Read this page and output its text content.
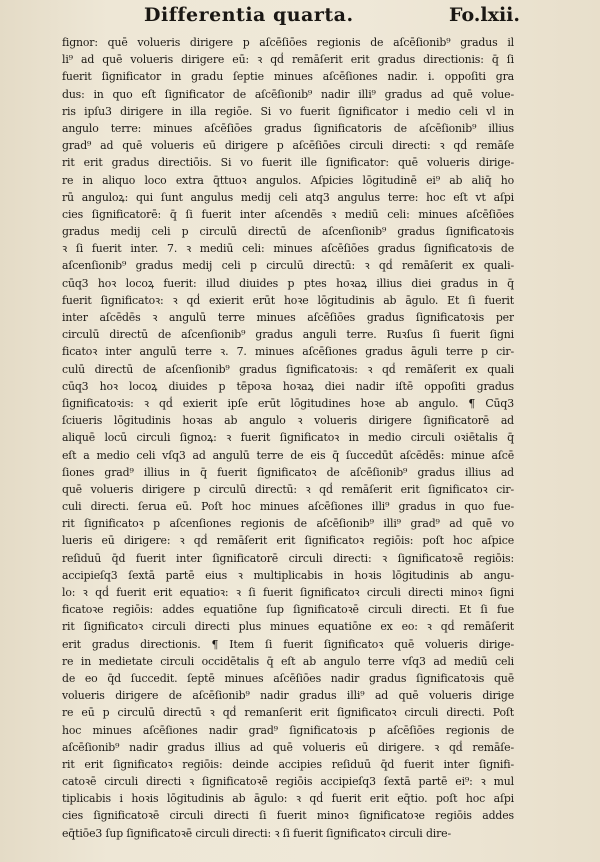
Differentia quarta.	Fo.lxii.
fignor: quē volueris dirigere p aſcēſiōes regionis de aſcēſionib⁹ gradus il
li⁹ ad quē volueris dirigere eū: ꝛ qḋ remāſerit erit gradus directionis: q̄ ſi
fuerit ſignificator in gradu ſeptie minues aſcēſiones nadir. i. oppoſiti gra
dus: in quo eſt ſignificator de aſcēſionib⁹ nadir illi⁹ gradus ad quē volue-
ris ipſu3 dirigere in illa regiōe. Si vo fuerit ſignificator i medio celi vl in
angulo terre: minues aſcēſiōes gradus ſignificatoris de aſcēſionib⁹ illius
grad⁹ ad quē volueris eū dirigere p aſcēſiōes circuli directi: ꝛ qḋ remāſe
rit erit gradus directiōis. Si vo fuerit ille ſignificator: quē volueris dirige-
re in aliquo loco extra q̄ttuoꝛ angulos. Aſpicies lōgitudinē ei⁹ ab aliq̄ ho
rū anguloꝝ: qui ſunt angulus medij celi atq3 angulus terre: hoc eſt vt aſpi
cies ſignificatorē: q̄ ſi fuerit inter aſcendēs ꝛ mediū celi: minues aſcēſiōes
gradus medij celi p circulū directū de aſcenſionib⁹ gradus ſignificatoꝛis
ꝛ ſi fuerit inter. 7. ꝛ mediū celi: minues aſcēſiōes gradus ſignificatoꝛis de
aſcenſionib⁹ gradus medij celi p circulū directū: ꝛ qḋ remāſerit ex quali-
cūq3 hoꝛ locoꝝ fuerit: illud diuides p ptes hoꝛaꝝ illius diei gradus in q̄
fuerit ſignificatoꝛ: ꝛ qḋ exierit erūt hoꝛe lōgitudinis ab āgulo. Et ſi fuerit
inter aſcēdēs ꝛ angulū terre minues aſcēſiōes gradus ſignificatoꝛis per
circulū directū de aſcenſionib⁹ gradus anguli terre. Ruꝛſus ſi fuerit ſigni
ficatoꝛ inter angulū terre ꝛ. 7. minues aſcēſiones gradus āguli terre p cir-
culū directū de aſcenſionib⁹ gradus ſignificatoꝛis: ꝛ qḋ remāſerit ex quali
cūq3 hoꝛ locoꝝ diuides p tēpoꝛa hoꝛaꝝ diei nadir iſtē oppoſiti gradus
ſignificatoꝛis: ꝛ qḋ exierit ipſe erūt lōgitudines hoꝛe ab angulo. ¶ Cūq3
ſciueris lōgitudinis hoꝛas ab angulo ꝛ volueris dirigere ſignificatorē ad
aliquē locū circuli ſignoꝝ: ꝛ fuerit ſignificatoꝛ in medio circuli oꝛiētalis q̄
eſt a medio celi vſq3 ad angulū terre de eis q̄ ſuccedūt aſcēdēs: minue aſcē
ſiones grad⁹ illius in q̄ fuerit ſignificatoꝛ de aſcēſionib⁹ gradus illius ad
quē volueris dirigere p circulū directū: ꝛ qḋ remāſerit erit ſignificatoꝛ cir-
culi directi. ſerua eū. Poſt hoc minues aſcēſiones illi⁹ gradus in quo fue-
rit ſignificatoꝛ p aſcenſiones regionis de aſcēſionib⁹ illi⁹ grad⁹ ad quē vo
lueris eū dirigere: ꝛ qḋ remāſerit erit ſignificatoꝛ regiōis: poſt hoc aſpice
reſiduū q̄d fuerit inter ſignificatorē circuli directi: ꝛ ſignificatoꝛē regiōis:
accipieſq3 ſextā partē eius ꝛ multiplicabis in hoꝛis lōgitudinis ab angu-
lo: ꝛ qḋ fuerit erit equatioꝛ: ꝛ ſi fuerit ſignificatoꝛ circuli directi minoꝛ ſigni
ficatoꝛe regiōis: addes equatiōne ſup ſignificatoꝛē circuli directi. Et ſi fue
rit ſignificatoꝛ circuli directi plus minues equatiōne ex eo: ꝛ qḋ remāſerit
erit gradus directionis. ¶ Item ſi fuerit ſignificatoꝛ quē volueris dirige-
re in medietate circuli occidētalis q̄ eſt ab angulo terre vſq3 ad mediū celi
de eo q̄d ſuccedit. ſeptē minues aſcēſiōes nadir gradus ſignificatoꝛis quē
volueris dirigere de aſcēſionib⁹ nadir gradus illi⁹ ad quē volueris dirige
re eū p circulū directū ꝛ qḋ remanſerit erit ſignificatoꝛ circuli directi. Poſt
hoc minues aſcēſiones nadir grad⁹ ſignificatoꝛis p aſcēſiōes regionis de
aſcēſionib⁹ nadir gradus illius ad quē volueris eū dirigere. ꝛ qḋ remāſe-
rit erit ſignificatoꝛ regiōis: deinde accipies reſiduū q̄d fuerit inter ſignifi-
catoꝛē circuli directi ꝛ ſignificatoꝛē regiōis accipieſq3 ſextā partē ei⁹: ꝛ mul
tiplicabis i hoꝛis lōgitudinis ab āgulo: ꝛ qḋ fuerit erit eq̄tio. poſt hoc aſpi
cies ſignificatoꝛē circuli directi ſi fuerit minoꝛ ſignificatoꝛe regiōis addes
eq̄tiōe3 ſup ſignificatoꝛē circuli directi: ꝛ ſi fuerit ſignificatoꝛ circuli dire-
